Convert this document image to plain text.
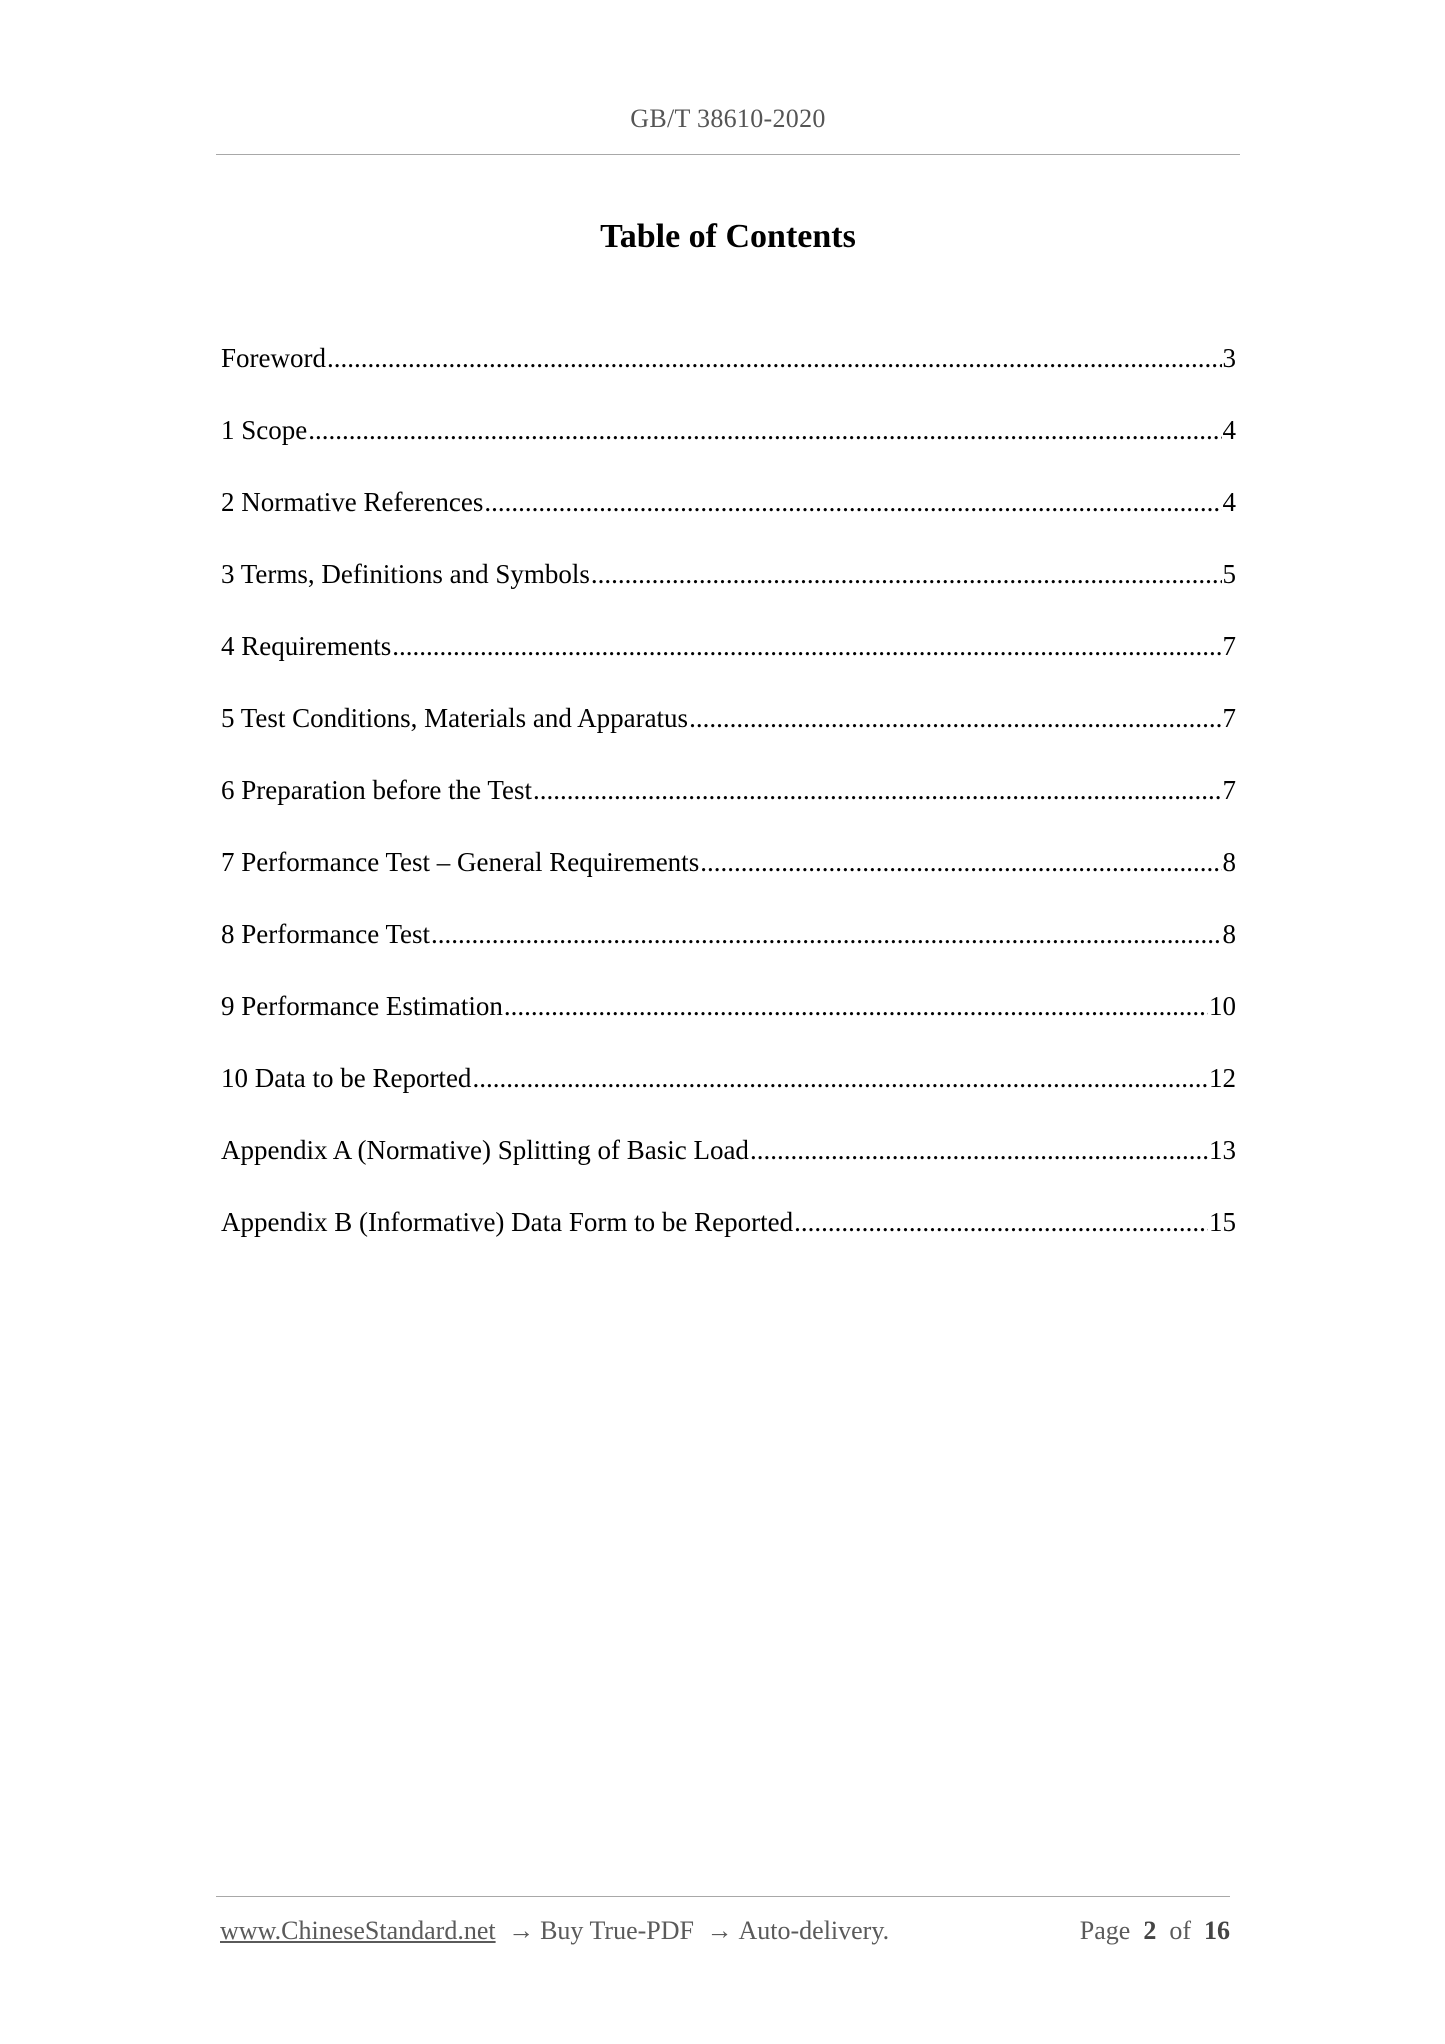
GB/T 38610-2020
Table of Contents
Foreword .....	3
1 Scope .....	4
2 Normative References .....	4
3 Terms, Definitions and Symbols .....	5
4 Requirements .....	7
5 Test Conditions, Materials and Apparatus .....	7
6 Preparation before the Test .....	7
7 Performance Test – General Requirements .....	8
8 Performance Test .....	8
9 Performance Estimation .....	10
10 Data to be Reported .....	12
Appendix A (Normative) Splitting of Basic Load .....	13
Appendix B (Informative) Data Form to be Reported .....	15
www.ChineseStandard.net → Buy True-PDF → Auto-delivery.	Page 2 of 16
